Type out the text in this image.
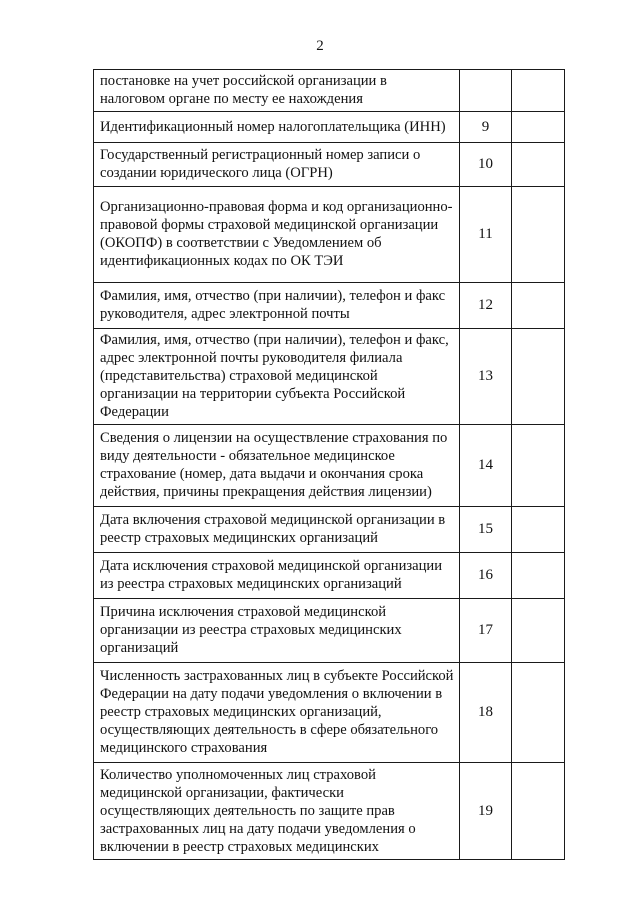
2
постановке на учет российской организации в налоговом органе по месту ее нахождения		
Идентификационный номер налогоплательщика (ИНН)	9	
Государственный регистрационный номер записи о создании юридического лица (ОГРН)	10	
Организационно-правовая форма и код организационно-правовой формы страховой медицинской организации (ОКОПФ) в соответствии с Уведомлением об идентификационных кодах по ОК ТЭИ	11	
Фамилия, имя, отчество (при наличии), телефон и факс руководителя, адрес электронной почты	12	
Фамилия, имя, отчество (при наличии), телефон и факс, адрес электронной почты руководителя филиала (представительства) страховой медицинской организации на территории субъекта Российской Федерации	13	
Сведения о лицензии на осуществление страхования по виду деятельности - обязательное медицинское страхование (номер, дата выдачи и окончания срока действия, причины прекращения действия лицензии)	14	
Дата включения страховой медицинской организации в реестр страховых медицинских организаций	15	
Дата исключения страховой медицинской организации из реестра страховых медицинских организаций	16	
Причина исключения страховой медицинской организации из реестра страховых медицинских организаций	17	
Численность застрахованных лиц в субъекте Российской Федерации на дату подачи уведомления о включении в реестр страховых медицинских организаций, осуществляющих деятельность в сфере обязательного медицинского страхования	18	
Количество уполномоченных лиц страховой медицинской организации, фактически осуществляющих деятельность по защите прав застрахованных лиц на дату подачи уведомления о включении в реестр страховых медицинских	19	
